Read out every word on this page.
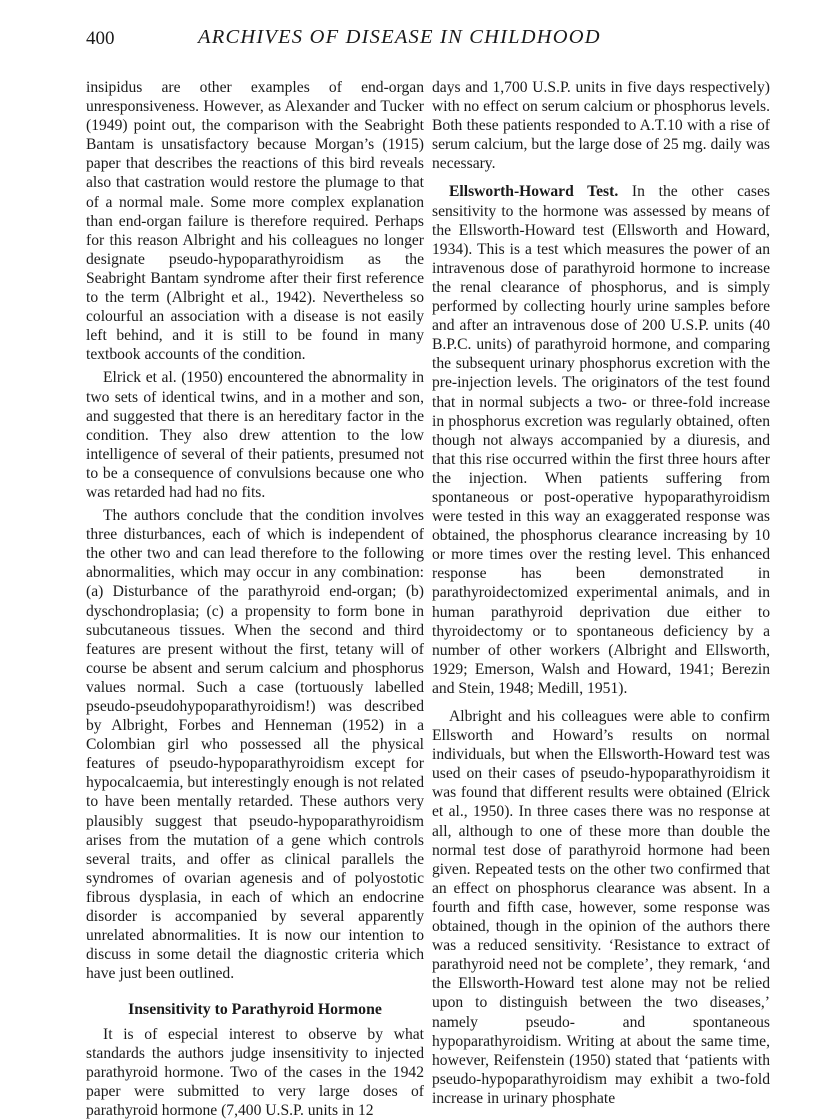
400	ARCHIVES OF DISEASE IN CHILDHOOD

insipidus are other examples of end-organ unresponsiveness. However, as Alexander and Tucker (1949) point out, the comparison with the Seabright Bantam is unsatisfactory because Morgan’s (1915) paper that describes the reactions of this bird reveals also that castration would restore the plumage to that of a normal male. Some more complex explanation than end-organ failure is therefore required. Perhaps for this reason Albright and his colleagues no longer designate pseudo-hypoparathyroidism as the Seabright Bantam syndrome after their first reference to the term (Albright et al., 1942). Nevertheless so colourful an association with a disease is not easily left behind, and it is still to be found in many textbook accounts of the condition.

Elrick et al. (1950) encountered the abnormality in two sets of identical twins, and in a mother and son, and suggested that there is an hereditary factor in the condition. They also drew attention to the low intelligence of several of their patients, presumed not to be a consequence of convulsions because one who was retarded had had no fits.

The authors conclude that the condition involves three disturbances, each of which is independent of the other two and can lead therefore to the following abnormalities, which may occur in any combination: (a) Disturbance of the parathyroid end-organ; (b) dyschondroplasia; (c) a propensity to form bone in subcutaneous tissues. When the second and third features are present without the first, tetany will of course be absent and serum calcium and phosphorus values normal. Such a case (tortuously labelled pseudo-pseudohypoparathyroidism!) was described by Albright, Forbes and Henneman (1952) in a Colombian girl who possessed all the physical features of pseudo-hypoparathyroidism except for hypocalcaemia, but interestingly enough is not related to have been mentally retarded. These authors very plausibly suggest that pseudo-hypoparathyroidism arises from the mutation of a gene which controls several traits, and offer as clinical parallels the syndromes of ovarian agenesis and of polyostotic fibrous dysplasia, in each of which an endocrine disorder is accompanied by several apparently unrelated abnormalities. It is now our intention to discuss in some detail the diagnostic criteria which have just been outlined.

Insensitivity to Parathyroid Hormone

It is of especial interest to observe by what standards the authors judge insensitivity to injected parathyroid hormone. Two of the cases in the 1942 paper were submitted to very large doses of parathyroid hormone (7,400 U.S.P. units in 12

days and 1,700 U.S.P. units in five days respectively) with no effect on serum calcium or phosphorus levels. Both these patients responded to A.T.10 with a rise of serum calcium, but the large dose of 25 mg. daily was necessary.

Ellsworth-Howard Test. In the other cases sensitivity to the hormone was assessed by means of the Ellsworth-Howard test (Ellsworth and Howard, 1934). This is a test which measures the power of an intravenous dose of parathyroid hormone to increase the renal clearance of phosphorus, and is simply performed by collecting hourly urine samples before and after an intravenous dose of 200 U.S.P. units (40 B.P.C. units) of parathyroid hormone, and comparing the subsequent urinary phosphorus excretion with the pre-injection levels. The originators of the test found that in normal subjects a two- or three-fold increase in phosphorus excretion was regularly obtained, often though not always accompanied by a diuresis, and that this rise occurred within the first three hours after the injection. When patients suffering from spontaneous or post-operative hypoparathyroidism were tested in this way an exaggerated response was obtained, the phosphorus clearance increasing by 10 or more times over the resting level. This enhanced response has been demonstrated in parathyroidectomized experimental animals, and in human parathyroid deprivation due either to thyroidectomy or to spontaneous deficiency by a number of other workers (Albright and Ellsworth, 1929; Emerson, Walsh and Howard, 1941; Berezin and Stein, 1948; Medill, 1951).

Albright and his colleagues were able to confirm Ellsworth and Howard’s results on normal individuals, but when the Ellsworth-Howard test was used on their cases of pseudo-hypoparathyroidism it was found that different results were obtained (Elrick et al., 1950). In three cases there was no response at all, although to one of these more than double the normal test dose of parathyroid hormone had been given. Repeated tests on the other two confirmed that an effect on phosphorus clearance was absent. In a fourth and fifth case, however, some response was obtained, though in the opinion of the authors there was a reduced sensitivity. ‘Resistance to extract of parathyroid need not be complete’, they remark, ‘and the Ellsworth-Howard test alone may not be relied upon to distinguish between the two diseases,’ namely pseudo- and spontaneous hypoparathyroidism. Writing at about the same time, however, Reifenstein (1950) stated that ‘patients with pseudo-hypoparathyroidism may exhibit a two-fold increase in urinary phosphate
